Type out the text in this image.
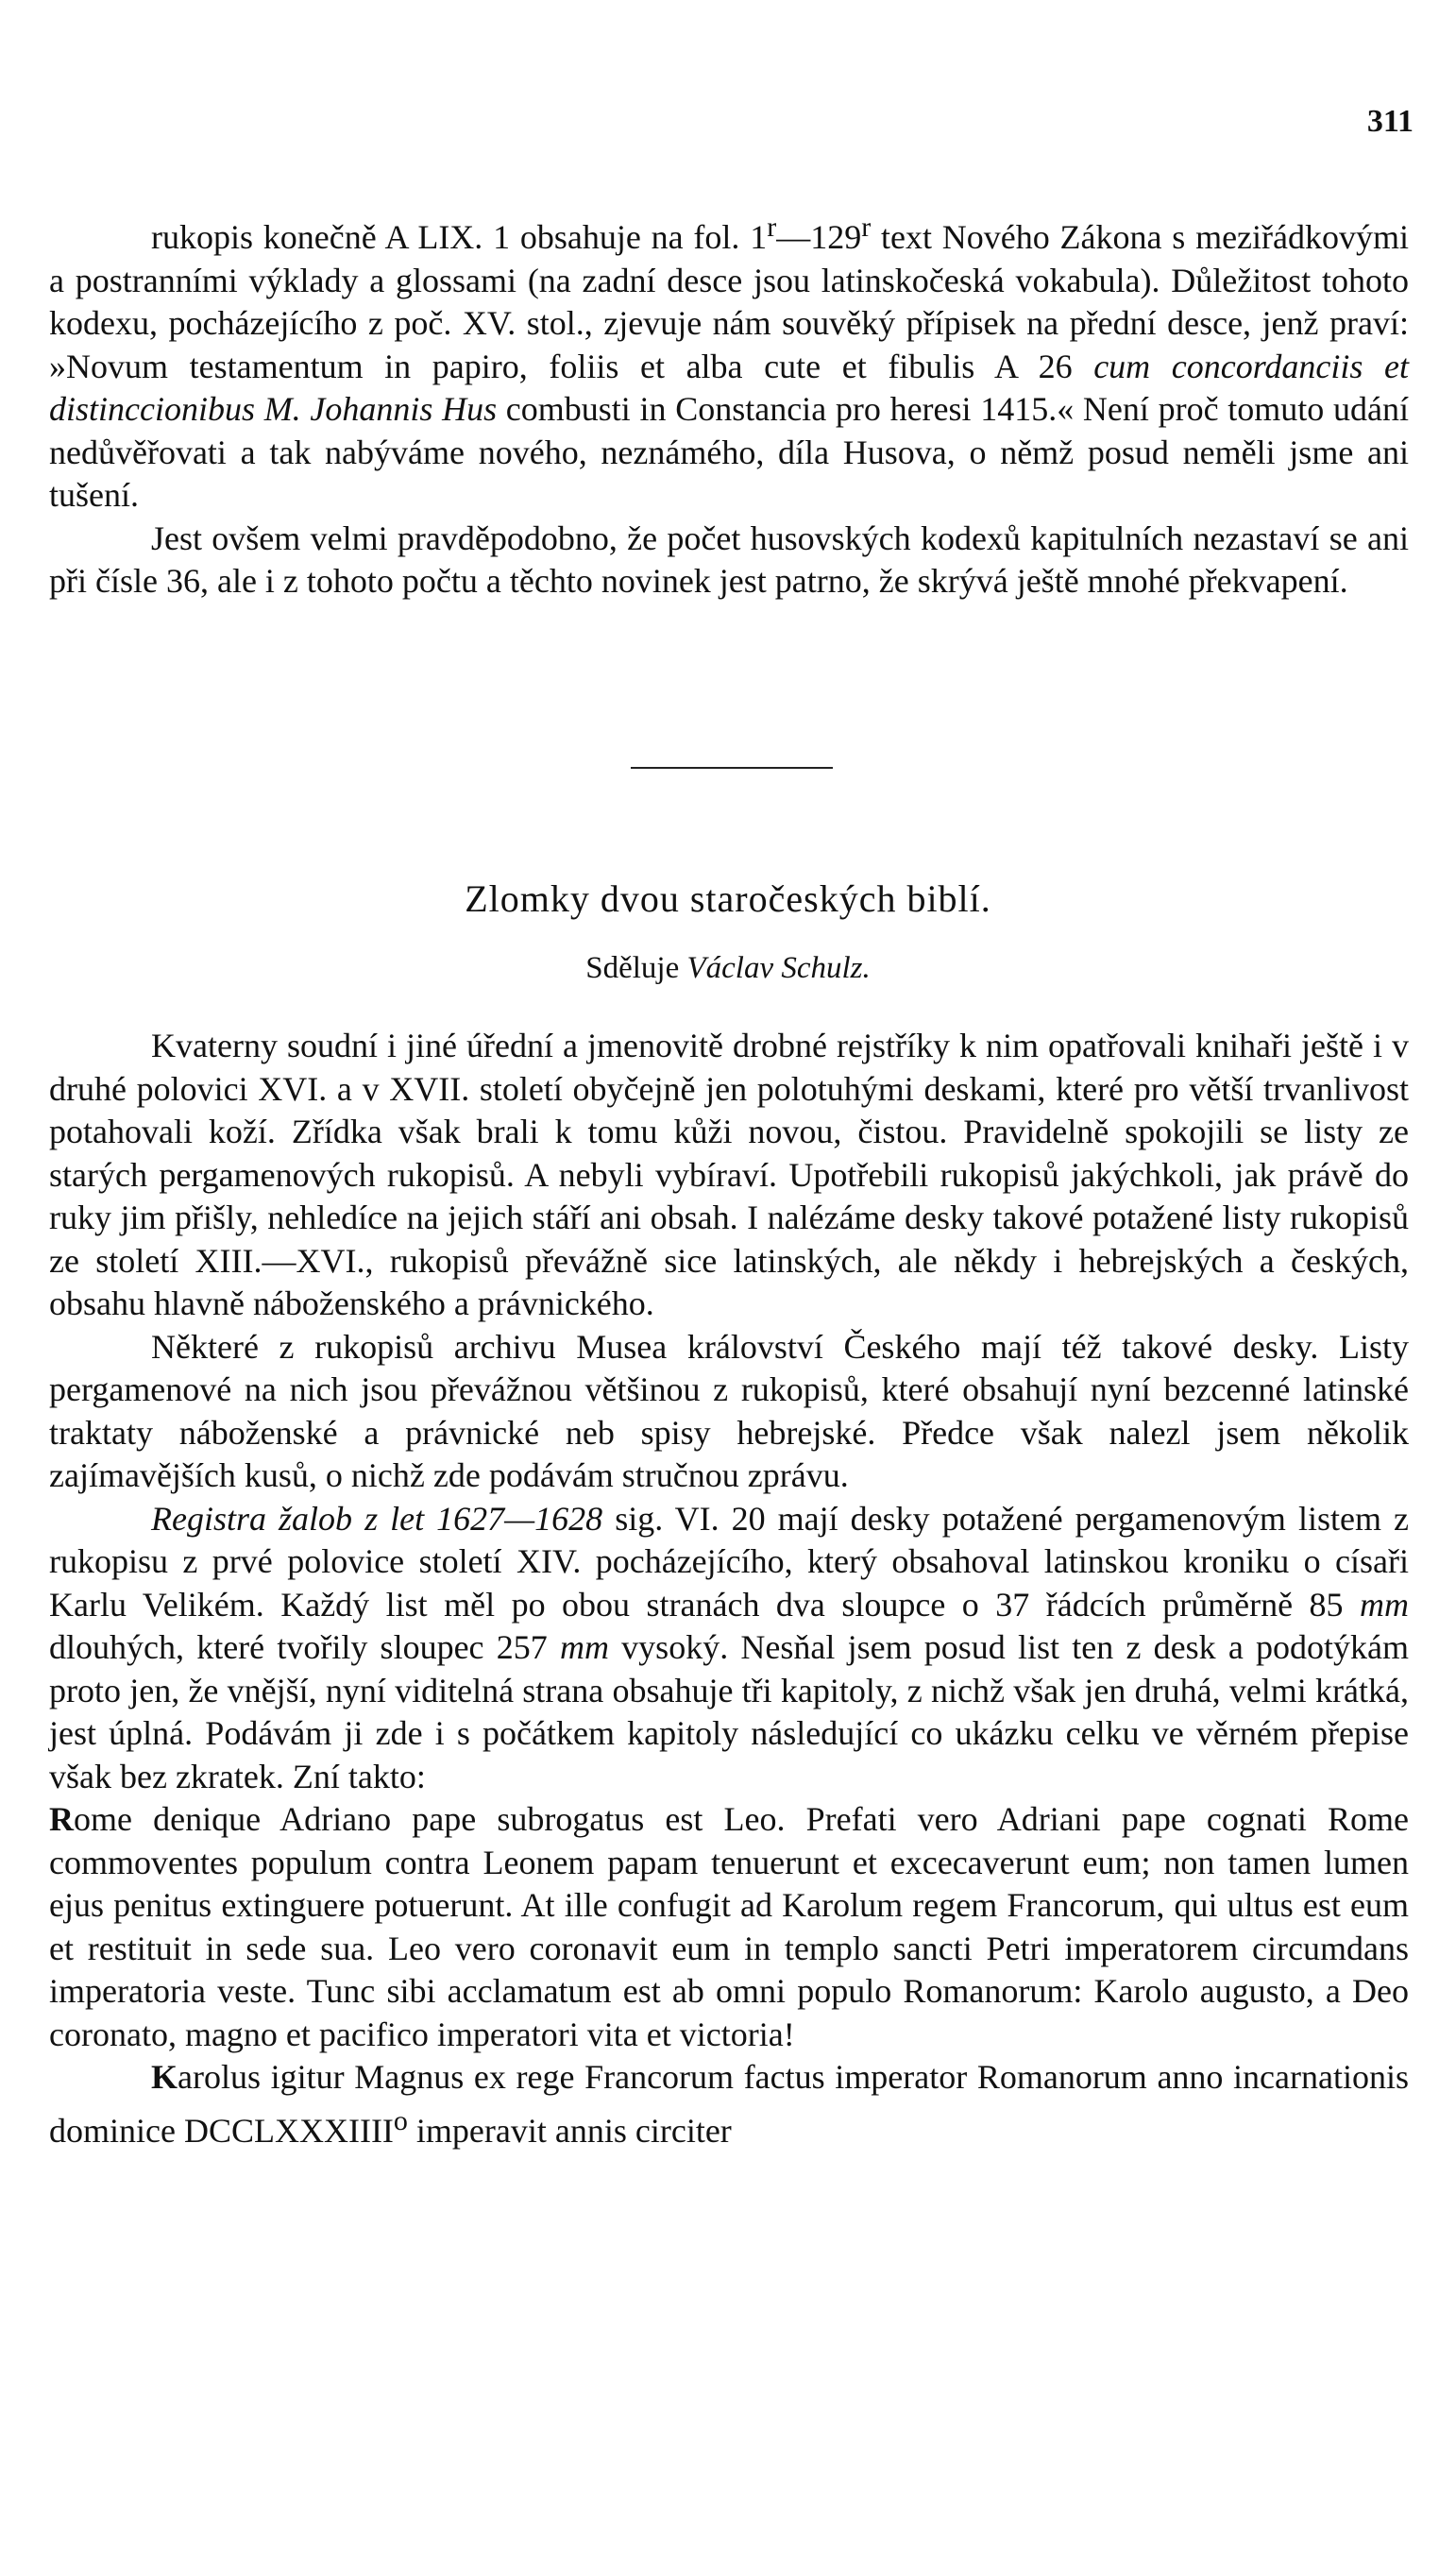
311

rukopis konečně A LIX. 1 obsahuje na fol. 1$^r$—129$^r$ text Nového Zákona s meziřádkovými a postranními výklady a glossami (na zadní desce jsou latinskočeská vokabula). Důležitost tohoto kodexu, pocházejícího z poč. XV. stol., zjevuje nám souvěký přípisek na přední desce, jenž praví: »Novum testamentum in papiro, foliis et alba cute et fibulis A 26 cum concordanciis et distinccionibus M. Johannis Hus combusti in Constancia pro heresi 1415.« Není proč tomuto udání nedůvěřovati a tak nabýváme nového, neznámého, díla Husova, o němž posud neměli jsme ani tušení.

Jest ovšem velmi pravděpodobno, že počet husovských kodexů kapitulních nezastaví se ani při čísle 36, ale i z tohoto počtu a těchto novinek jest patrno, že skrývá ještě mnohé překvapení.

Zlomky dvou staročeských biblí.
Sděluje Václav Schulz.

Kvaterny soudní i jiné úřední a jmenovitě drobné rejstříky k nim opatřovali knihaři ještě i v druhé polovici XVI. a v XVII. století obyčejně jen polotuhými deskami, které pro větší trvanlivost potahovali koží. Zřídka však brali k tomu kůži novou, čistou. Pravidelně spokojili se listy ze starých pergamenových rukopisů. A nebyli vybíraví. Upotřebili rukopisů jakýchkoli, jak právě do ruky jim přišly, nehledíce na jejich stáří ani obsah. I nalézáme desky takové potažené listy rukopisů ze století XIII.—XVI., rukopisů převážně sice latinských, ale někdy i hebrejských a českých, obsahu hlavně náboženského a právnického.

Některé z rukopisů archivu Musea království Českého mají též takové desky. Listy pergamenové na nich jsou převážnou většinou z rukopisů, které obsahují nyní bezcenné latinské traktaty náboženské a právnické neb spisy hebrejské. Předce však nalezl jsem několik zajímavějších kusů, o nichž zde podávám stručnou zprávu.

Registra žalob z let 1627—1628 sig. VI. 20 mají desky potažené pergamenovým listem z rukopisu z prvé polovice století XIV. pocházejícího, který obsahoval latinskou kroniku o císaři Karlu Velikém. Každý list měl po obou stranách dva sloupce o 37 řádcích průměrně 85 mm dlouhých, které tvořily sloupec 257 mm vysoký. Nesňal jsem posud list ten z desk a podotýkám proto jen, že vnější, nyní viditelná strana obsahuje tři kapitoly, z nichž však jen druhá, velmi krátká, jest úplná. Podávám ji zde i s počátkem kapitoly následující co ukázku celku ve věrném přepise však bez zkratek. Zní takto:

Rome denique Adriano pape subrogatus est Leo. Prefati vero Adriani pape cognati Rome commoventes populum contra Leonem papam tenuerunt et excecaverunt eum; non tamen lumen ejus penitus extinguere potuerunt. At ille confugit ad Karolum regem Francorum, qui ultus est eum et restituit in sede sua. Leo vero coronavit eum in templo sancti Petri imperatorem circumdans imperatoria veste. Tunc sibi acclamatum est ab omni populo Romanorum: Karolo augusto, a Deo coronato, magno et pacifico imperatori vita et victoria!

Karolus igitur Magnus ex rege Francorum factus imperator Romanorum anno incarnationis dominice DCCLXXXIIII$^o$ imperavit annis circiter
